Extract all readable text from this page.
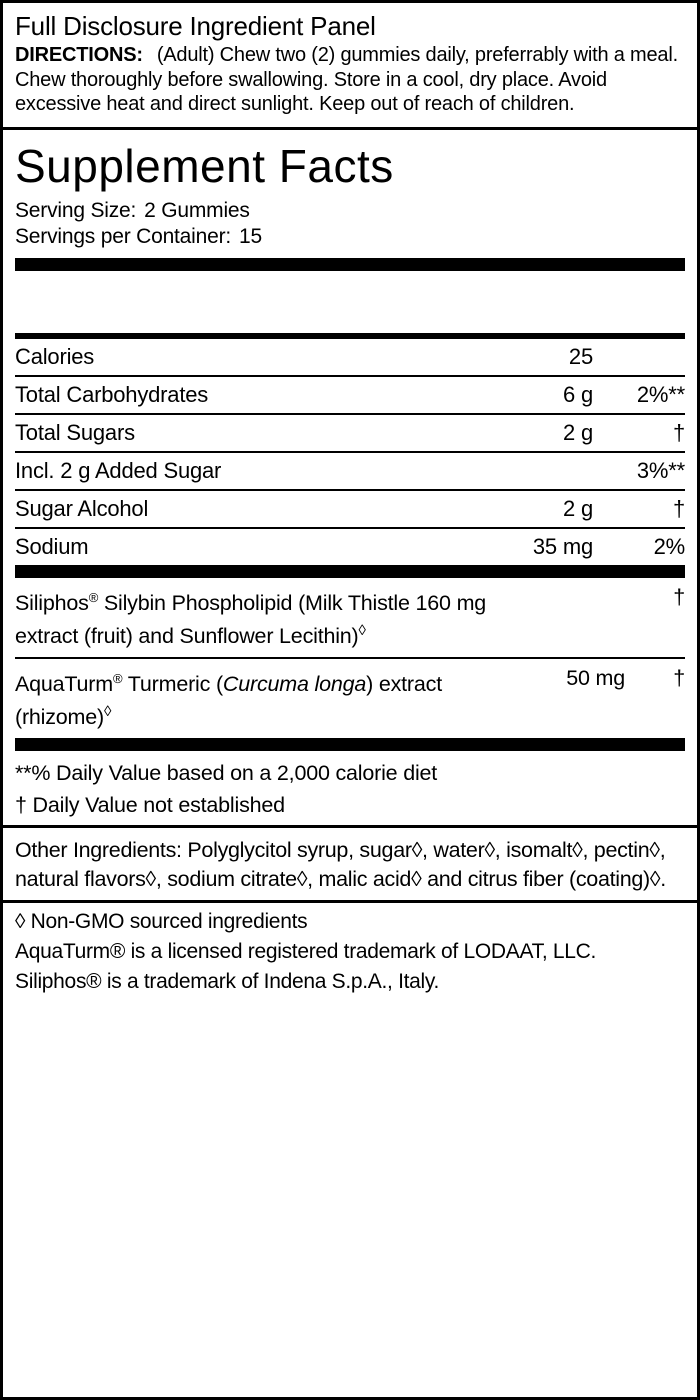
Full Disclosure Ingredient Panel
DIRECTIONS: (Adult) Chew two (2) gummies daily, preferrably with a meal. Chew thoroughly before swallowing. Store in a cool, dry place. Avoid excessive heat and direct sunlight. Keep out of reach of children.
Supplement Facts
Serving Size: 2 Gummies
Servings per Container: 15
Calories	25	
Total Carbohydrates	6 g	2%**
Total Sugars	2 g	†
Incl. 2 g Added Sugar		3%**
Sugar Alcohol	2 g	†
Sodium	35 mg	2%
Siliphos® Silybin Phospholipid (Milk Thistle 160 mg extract (fruit) and Sunflower Lecithin)◊		†
AquaTurm® Turmeric (Curcuma longa) extract (rhizome)◊	50 mg	†
**% Daily Value based on a 2,000 calorie diet
† Daily Value not established
Other Ingredients: Polyglycitol syrup, sugar◊, water◊, isomalt◊, pectin◊, natural flavors◊, sodium citrate◊, malic acid◊ and citrus fiber (coating)◊.
◊ Non-GMO sourced ingredients
AquaTurm® is a licensed registered trademark of LODAAT, LLC.
Siliphos® is a trademark of Indena S.p.A., Italy.
